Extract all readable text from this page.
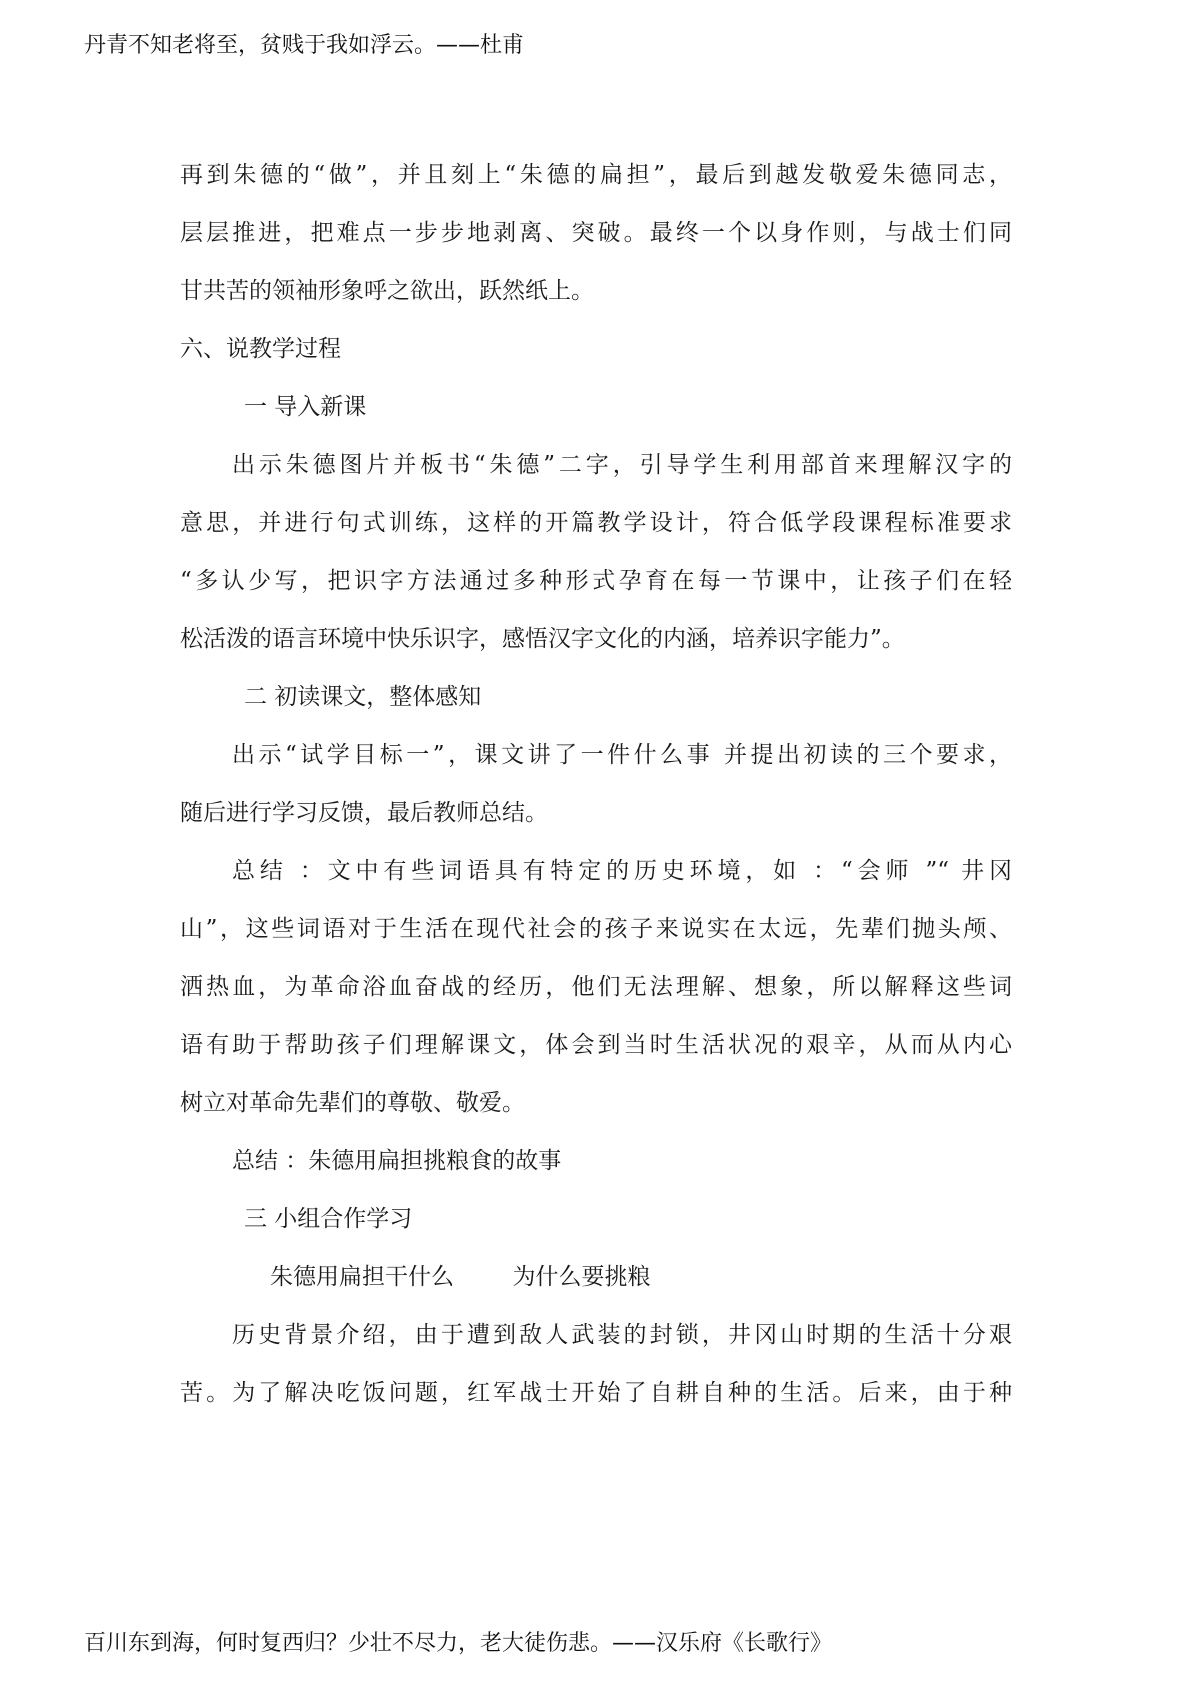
丹青不知老将至，贫贱于我如浮云。——杜甫
再到朱德的“做”，并且刻上“朱德的扁担”，最后到越发敬爱朱德同志，
层层推进，把难点一步步地剥离、突破。最终一个以身作则，与战士们同
甘共苦的领袖形象呼之欲出，跃然纸上。
六、说教学过程
一 导入新课
出示朱德图片并板书“朱德”二字，引导学生利用部首来理解汉字的
意思，并进行句式训练，这样的开篇教学设计，符合低学段课程标准要求
“多认少写，把识字方法通过多种形式孕育在每一节课中，让孩子们在轻
松活泼的语言环境中快乐识字，感悟汉字文化的内涵，培养识字能力”。
二 初读课文，整体感知
出示“试学目标一”，课文讲了一件什么事 并提出初读的三个要求，
随后进行学习反馈，最后教师总结。
总结 ：文中有些词语具有特定的历史环境，如 ：“会师 ”“ 井冈
山”，这些词语对于生活在现代社会的孩子来说实在太远，先辈们抛头颅、
洒热血，为革命浴血奋战的经历，他们无法理解、想象，所以解释这些词
语有助于帮助孩子们理解课文，体会到当时生活状况的艰辛，从而从内心
树立对革命先辈们的尊敬、敬爱。
总结 ：朱德用扁担挑粮食的故事
三 小组合作学习
朱德用扁担干什么        为什么要挑粮
历史背景介绍，由于遭到敌人武装的封锁，井冈山时期的生活十分艰
苦。为了解决吃饭问题，红军战士开始了自耕自种的生活。后来，由于种
百川东到海，何时复西归？少壮不尽力，老大徒伤悲。——汉乐府《长歌行》
